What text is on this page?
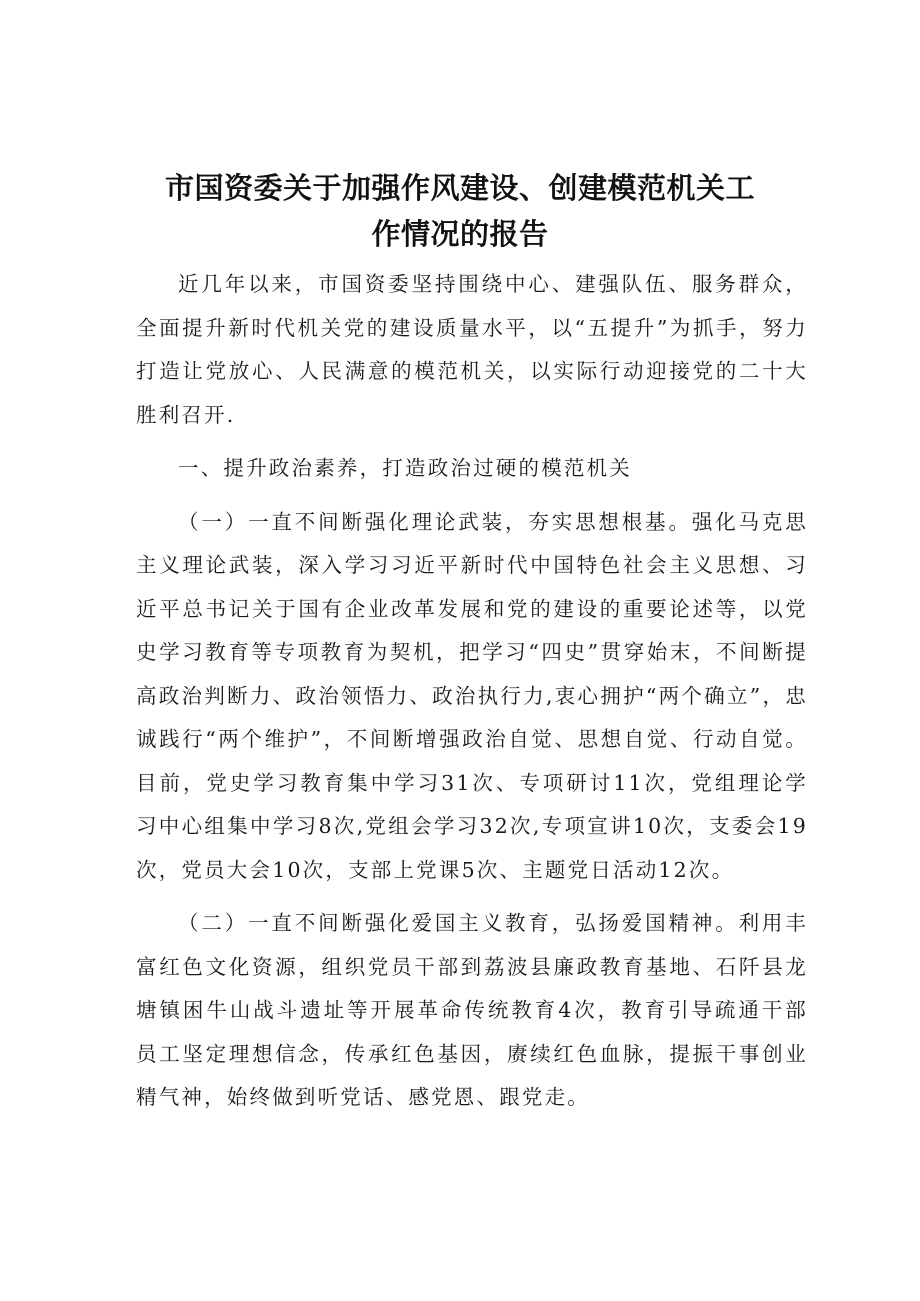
市国资委关于加强作风建设、创建模范机关工
作情况的报告

近几年以来，市国资委坚持围绕中心、建强队伍、服务群众，全面提升新时代机关党的建设质量水平，以“五提升”为抓手，努力打造让党放心、人民满意的模范机关，以实际行动迎接党的二十大胜利召开.

一、提升政治素养，打造政治过硬的模范机关

（一）一直不间断强化理论武装，夯实思想根基。强化马克思主义理论武装，深入学习习近平新时代中国特色社会主义思想、习近平总书记关于国有企业改革发展和党的建设的重要论述等，以党史学习教育等专项教育为契机，把学习“四史”贯穿始末，不间断提高政治判断力、政治领悟力、政治执行力,衷心拥护“两个确立”，忠诚践行“两个维护”，不间断增强政治自觉、思想自觉、行动自觉。目前，党史学习教育集中学习31次、专项研讨11次，党组理论学习中心组集中学习8次,党组会学习32次,专项宣讲10次，支委会19次，党员大会10次，支部上党课5次、主题党日活动12次。

（二）一直不间断强化爱国主义教育，弘扬爱国精神。利用丰富红色文化资源，组织党员干部到荔波县廉政教育基地、石阡县龙塘镇困牛山战斗遗址等开展革命传统教育4次，教育引导疏通干部员工坚定理想信念，传承红色基因，赓续红色血脉，提振干事创业精气神，始终做到听党话、感党恩、跟党走。
